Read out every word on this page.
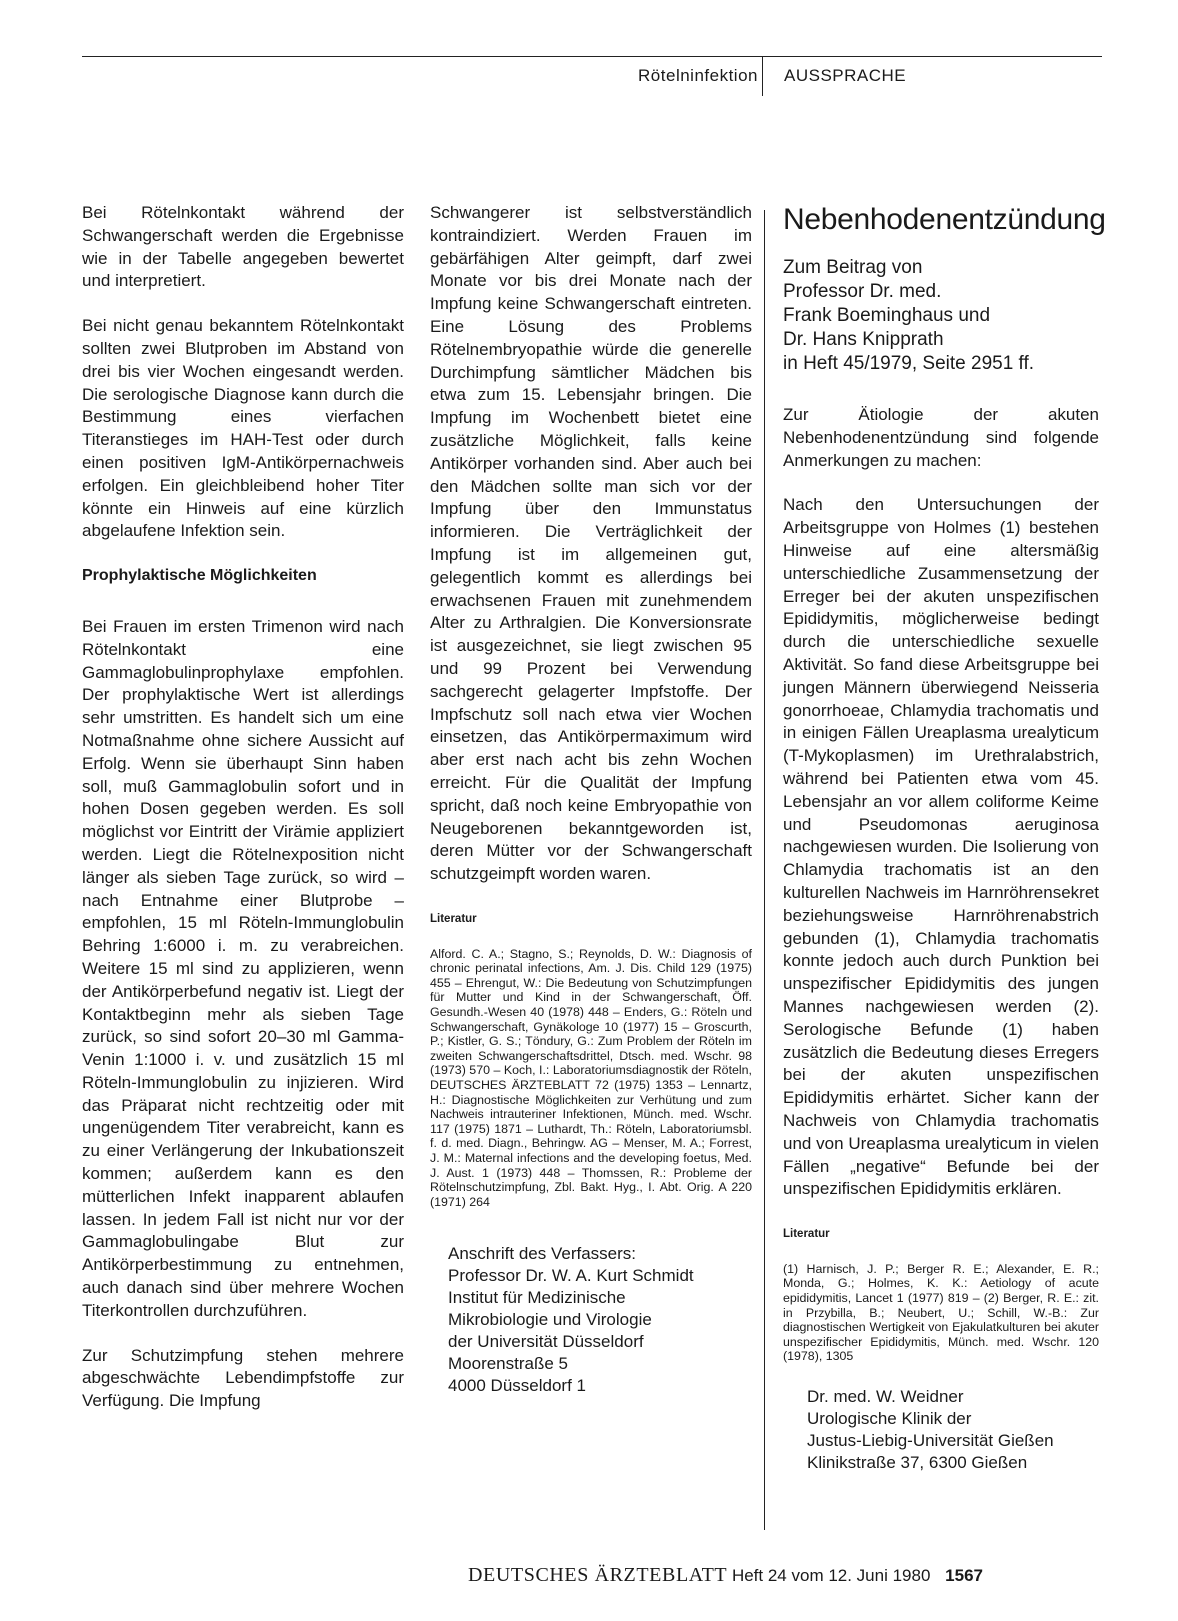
Rötelninfektion AUSSPRACHE

Bei Rötelnkontakt während der Schwangerschaft werden die Ergebnisse wie in der Tabelle angegeben bewertet und interpretiert.

Bei nicht genau bekanntem Rötelnkontakt sollten zwei Blutproben im Abstand von drei bis vier Wochen eingesandt werden. Die serologische Diagnose kann durch die Bestimmung eines vierfachen Titeranstieges im HAH-Test oder durch einen positiven IgM-Antikörpernachweis erfolgen. Ein gleichbleibend hoher Titer könnte ein Hinweis auf eine kürzlich abgelaufene Infektion sein.

Prophylaktische Möglichkeiten

Bei Frauen im ersten Trimenon wird nach Rötelnkontakt eine Gammaglobulinprophylaxe empfohlen. Der prophylaktische Wert ist allerdings sehr umstritten. Es handelt sich um eine Notmaßnahme ohne sichere Aussicht auf Erfolg. Wenn sie überhaupt Sinn haben soll, muß Gammaglobulin sofort und in hohen Dosen gegeben werden. Es soll möglichst vor Eintritt der Virämie appliziert werden. Liegt die Rötelnexposition nicht länger als sieben Tage zurück, so wird – nach Entnahme einer Blutprobe – empfohlen, 15 ml Röteln-Immunglobulin Behring 1:6000 i. m. zu verabreichen. Weitere 15 ml sind zu applizieren, wenn der Antikörperbefund negativ ist. Liegt der Kontaktbeginn mehr als sieben Tage zurück, so sind sofort 20–30 ml Gamma-Venin 1:1000 i. v. und zusätzlich 15 ml Röteln-Immunglobulin zu injizieren. Wird das Präparat nicht rechtzeitig oder mit ungenügendem Titer verabreicht, kann es zu einer Verlängerung der Inkubationszeit kommen; außerdem kann es den mütterlichen Infekt inapparent ablaufen lassen. In jedem Fall ist nicht nur vor der Gammaglobulingabe Blut zur Antikörperbestimmung zu entnehmen, auch danach sind über mehrere Wochen Titerkontrollen durchzuführen.

Zur Schutzimpfung stehen mehrere abgeschwächte Lebendimpfstoffe zur Verfügung. Die Impfung

Schwangerer ist selbstverständlich kontraindiziert. Werden Frauen im gebärfähigen Alter geimpft, darf zwei Monate vor bis drei Monate nach der Impfung keine Schwangerschaft eintreten. Eine Lösung des Problems Rötelnembryopathie würde die generelle Durchimpfung sämtlicher Mädchen bis etwa zum 15. Lebensjahr bringen. Die Impfung im Wochenbett bietet eine zusätzliche Möglichkeit, falls keine Antikörper vorhanden sind. Aber auch bei den Mädchen sollte man sich vor der Impfung über den Immunstatus informieren. Die Verträglichkeit der Impfung ist im allgemeinen gut, gelegentlich kommt es allerdings bei erwachsenen Frauen mit zunehmendem Alter zu Arthralgien. Die Konversionsrate ist ausgezeichnet, sie liegt zwischen 95 und 99 Prozent bei Verwendung sachgerecht gelagerter Impfstoffe. Der Impfschutz soll nach etwa vier Wochen einsetzen, das Antikörpermaximum wird aber erst nach acht bis zehn Wochen erreicht. Für die Qualität der Impfung spricht, daß noch keine Embryopathie von Neugeborenen bekanntgeworden ist, deren Mütter vor der Schwangerschaft schutzgeimpft worden waren.

Literatur

Alford. C. A.; Stagno, S.; Reynolds, D. W.: Diagnosis of chronic perinatal infections, Am. J. Dis. Child 129 (1975) 455 – Ehrengut, W.: Die Bedeutung von Schutzimpfungen für Mutter und Kind in der Schwangerschaft, Öff. Gesundh.-Wesen 40 (1978) 448 – Enders, G.: Röteln und Schwangerschaft, Gynäkologe 10 (1977) 15 – Groscurth, P.; Kistler, G. S.; Töndury, G.: Zum Problem der Röteln im zweiten Schwangerschaftsdrittel, Dtsch. med. Wschr. 98 (1973) 570 – Koch, I.: Laboratoriumsdiagnostik der Röteln, DEUTSCHES ÄRZTEBLATT 72 (1975) 1353 – Lennartz, H.: Diagnostische Möglichkeiten zur Verhütung und zum Nachweis intrauteriner Infektionen, Münch. med. Wschr. 117 (1975) 1871 – Luthardt, Th.: Röteln, Laboratoriumsbl. f. d. med. Diagn., Behringw. AG – Menser, M. A.; Forrest, J. M.: Maternal infections and the developing foetus, Med. J. Aust. 1 (1973) 448 – Thomssen, R.: Probleme der Rötelnschutzimpfung, Zbl. Bakt. Hyg., I. Abt. Orig. A 220 (1971) 264

Anschrift des Verfassers:
Professor Dr. W. A. Kurt Schmidt
Institut für Medizinische
Mikrobiologie und Virologie
der Universität Düsseldorf
Moorenstraße 5
4000 Düsseldorf 1
Nebenhodenentzündung
Zum Beitrag von
Professor Dr. med.
Frank Boeminghaus und
Dr. Hans Knipprath
in Heft 45/1979, Seite 2951 ff.

Zur Ätiologie der akuten Nebenhodenentzündung sind folgende Anmerkungen zu machen:

Nach den Untersuchungen der Arbeitsgruppe von Holmes (1) bestehen Hinweise auf eine altersmäßig unterschiedliche Zusammensetzung der Erreger bei der akuten unspezifischen Epididymitis, möglicherweise bedingt durch die unterschiedliche sexuelle Aktivität. So fand diese Arbeitsgruppe bei jungen Männern überwiegend Neisseria gonorrhoeae, Chlamydia trachomatis und in einigen Fällen Ureaplasma urealyticum (T-Mykoplasmen) im Urethralabstrich, während bei Patienten etwa vom 45. Lebensjahr an vor allem coliforme Keime und Pseudomonas aeruginosa nachgewiesen wurden. Die Isolierung von Chlamydia trachomatis ist an den kulturellen Nachweis im Harnröhrensekret beziehungsweise Harnröhrenabstrich gebunden (1), Chlamydia trachomatis konnte jedoch auch durch Punktion bei unspezifischer Epididymitis des jungen Mannes nachgewiesen werden (2). Serologische Befunde (1) haben zusätzlich die Bedeutung dieses Erregers bei der akuten unspezifischen Epididymitis erhärtet. Sicher kann der Nachweis von Chlamydia trachomatis und von Ureaplasma urealyticum in vielen Fällen „negative“ Befunde bei der unspezifischen Epididymitis erklären.

Literatur

(1) Harnisch, J. P.; Berger R. E.; Alexander, E. R.; Monda, G.; Holmes, K. K.: Aetiology of acute epididymitis, Lancet 1 (1977) 819 – (2) Berger, R. E.: zit. in Przybilla, B.; Neubert, U.; Schill, W.-B.: Zur diagnostischen Wertigkeit von Ejakulatkulturen bei akuter unspezifischer Epididymitis, Münch. med. Wschr. 120 (1978), 1305

Dr. med. W. Weidner
Urologische Klinik der
Justus-Liebig-Universität Gießen
Klinikstraße 37, 6300 Gießen
DEUTSCHES ÄRZTEBLATT Heft 24 vom 12. Juni 1980 1567
